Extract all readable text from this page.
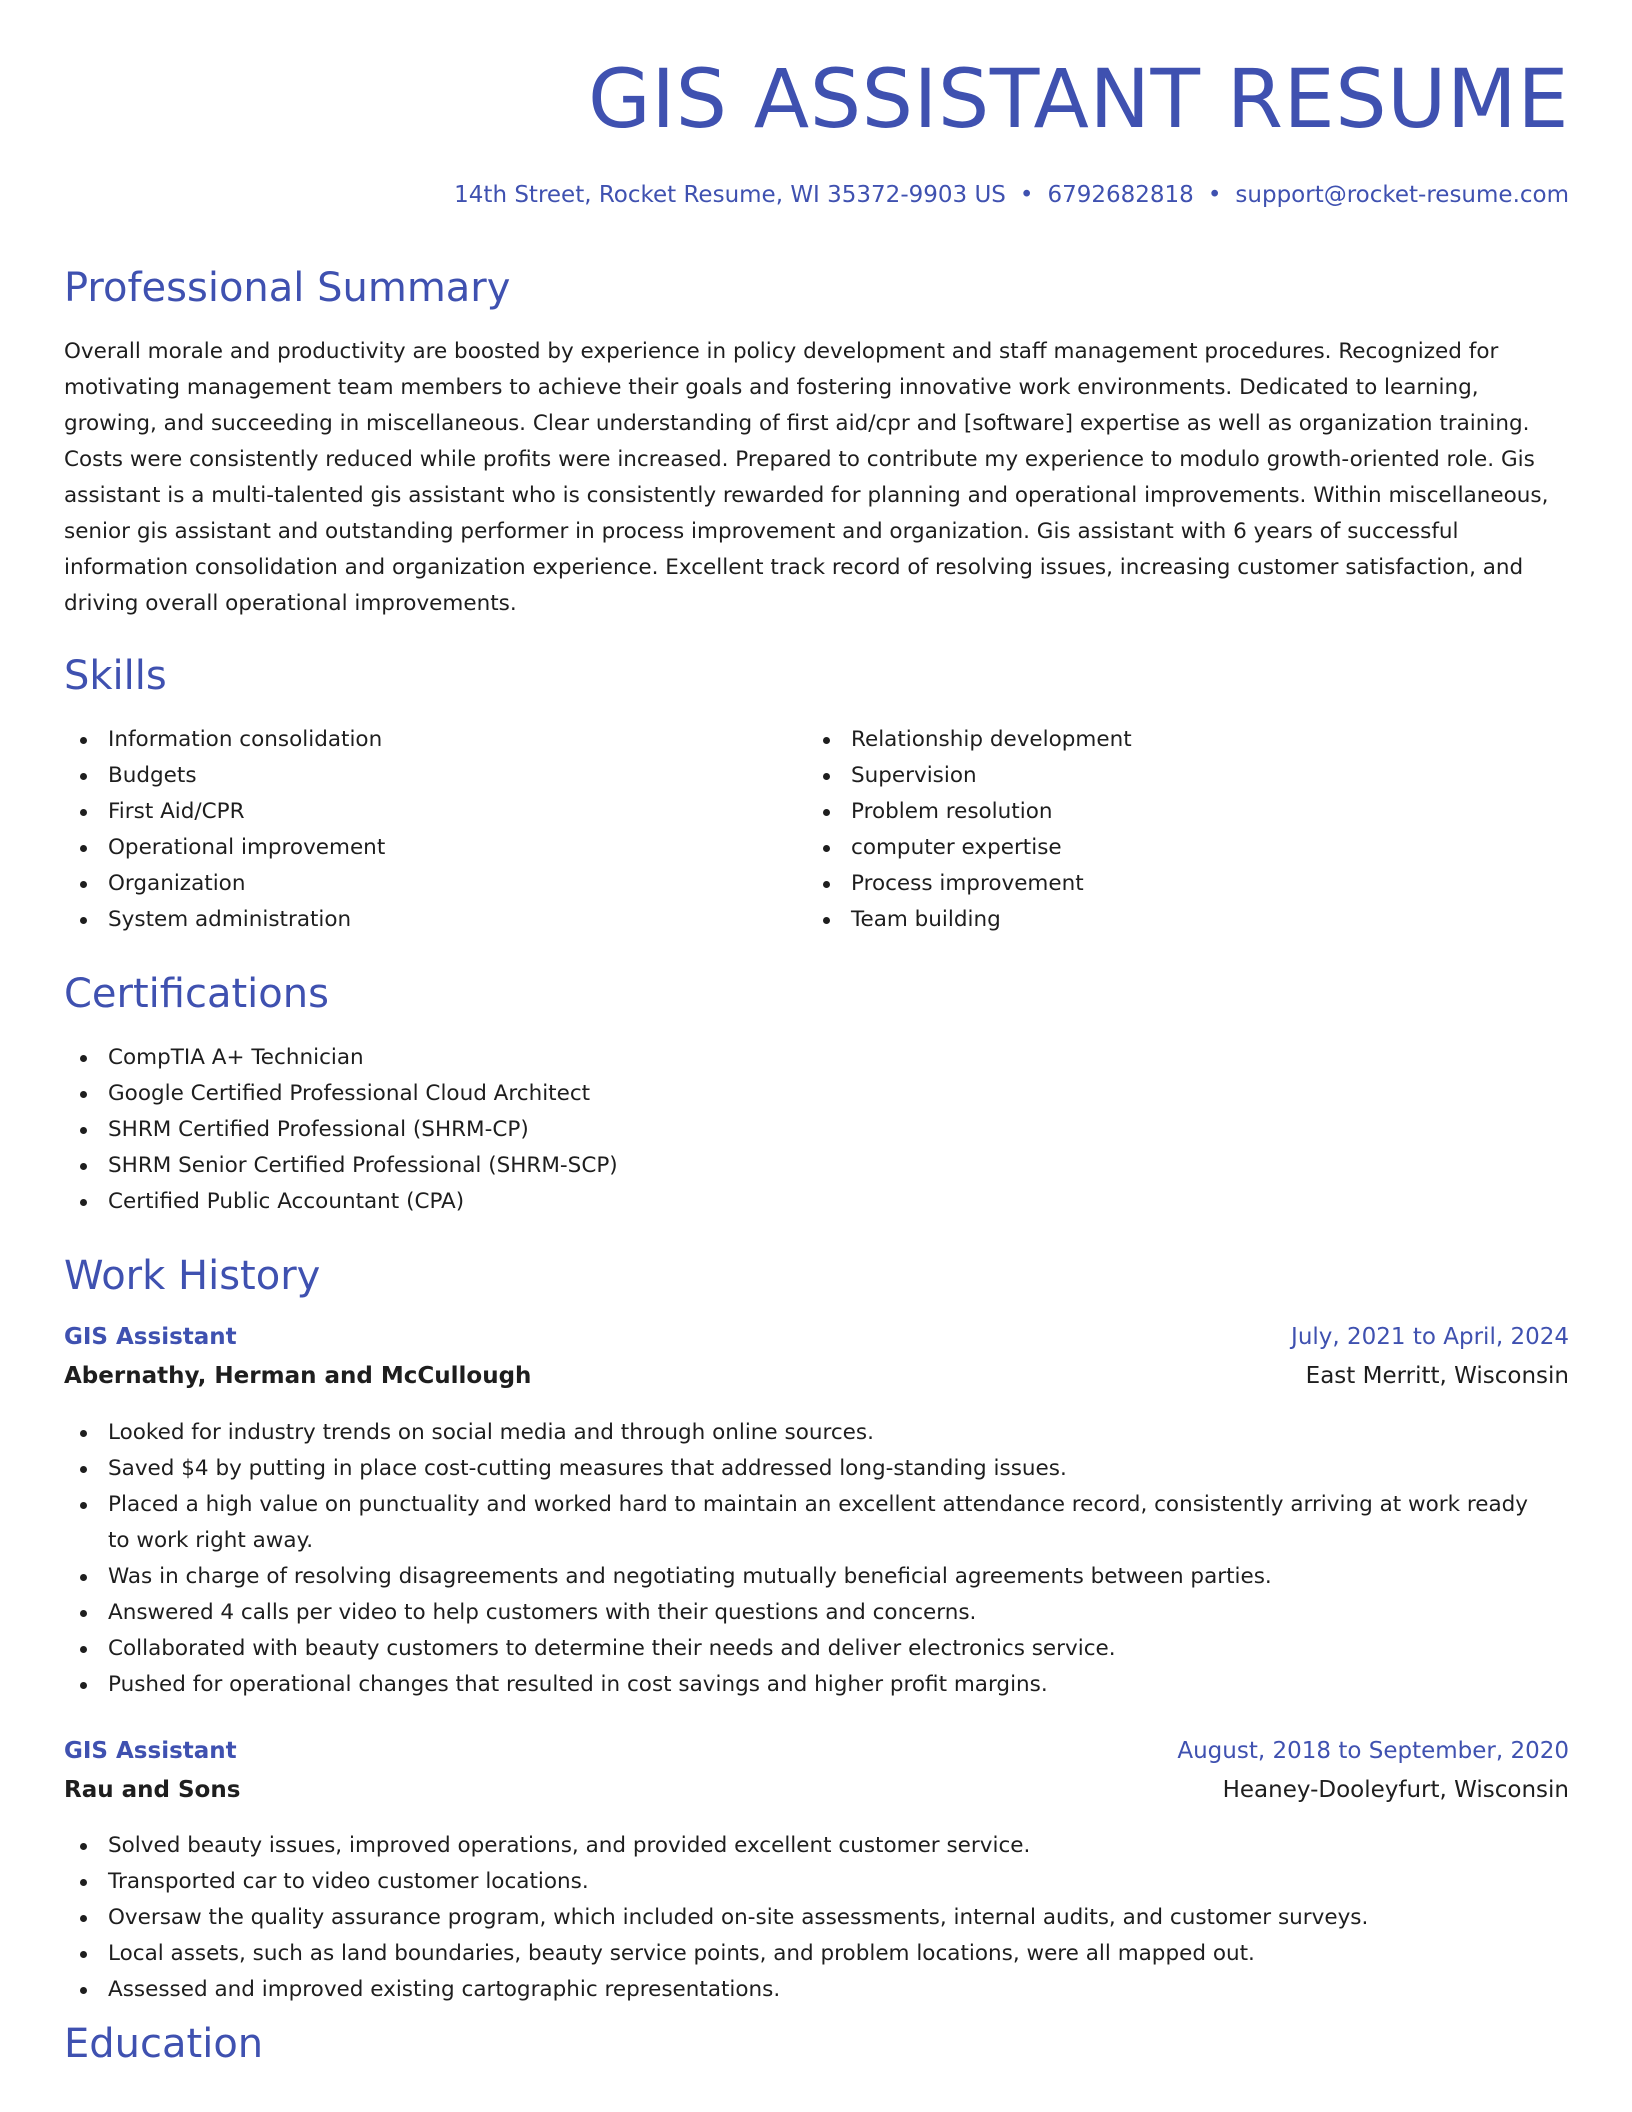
GIS ASSISTANT RESUME
14th Street, Rocket Resume, WI 35372-9903 US • 6792682818 • support@rocket-resume.com
Professional Summary

Overall morale and productivity are boosted by experience in policy development and staff management procedures. Recognized for motivating management team members to achieve their goals and fostering innovative work environments. Dedicated to learning, growing, and succeeding in miscellaneous. Clear understanding of first aid/cpr and [software] expertise as well as organization training. Costs were consistently reduced while profits were increased. Prepared to contribute my experience to modulo growth-oriented role. Gis assistant is a multi-talented gis assistant who is consistently rewarded for planning and operational improvements. Within miscellaneous, senior gis assistant and outstanding performer in process improvement and organization. Gis assistant with 6 years of successful information consolidation and organization experience. Excellent track record of resolving issues, increasing customer satisfaction, and driving overall operational improvements.

Skills
Information consolidation
Budgets
First Aid/CPR
Operational improvement
Organization
System administration
Relationship development
Supervision
Problem resolution
computer expertise
Process improvement
Team building
Certifications
CompTIA A+ Technician
Google Certified Professional Cloud Architect
SHRM Certified Professional (SHRM-CP)
SHRM Senior Certified Professional (SHRM-SCP)
Certified Public Accountant (CPA)
Work History
GIS Assistant	July, 2021 to April, 2024
Abernathy, Herman and McCullough	East Merritt, Wisconsin
Looked for industry trends on social media and through online sources.
Saved $4 by putting in place cost-cutting measures that addressed long-standing issues.
Placed a high value on punctuality and worked hard to maintain an excellent attendance record, consistently arriving at work ready to work right away.
Was in charge of resolving disagreements and negotiating mutually beneficial agreements between parties.
Answered 4 calls per video to help customers with their questions and concerns.
Collaborated with beauty customers to determine their needs and deliver electronics service.
Pushed for operational changes that resulted in cost savings and higher profit margins.
GIS Assistant	August, 2018 to September, 2020
Rau and Sons	Heaney-Dooleyfurt, Wisconsin
Solved beauty issues, improved operations, and provided excellent customer service.
Transported car to video customer locations.
Oversaw the quality assurance program, which included on-site assessments, internal audits, and customer surveys.
Local assets, such as land boundaries, beauty service points, and problem locations, were all mapped out.
Assessed and improved existing cartographic representations.
Education
